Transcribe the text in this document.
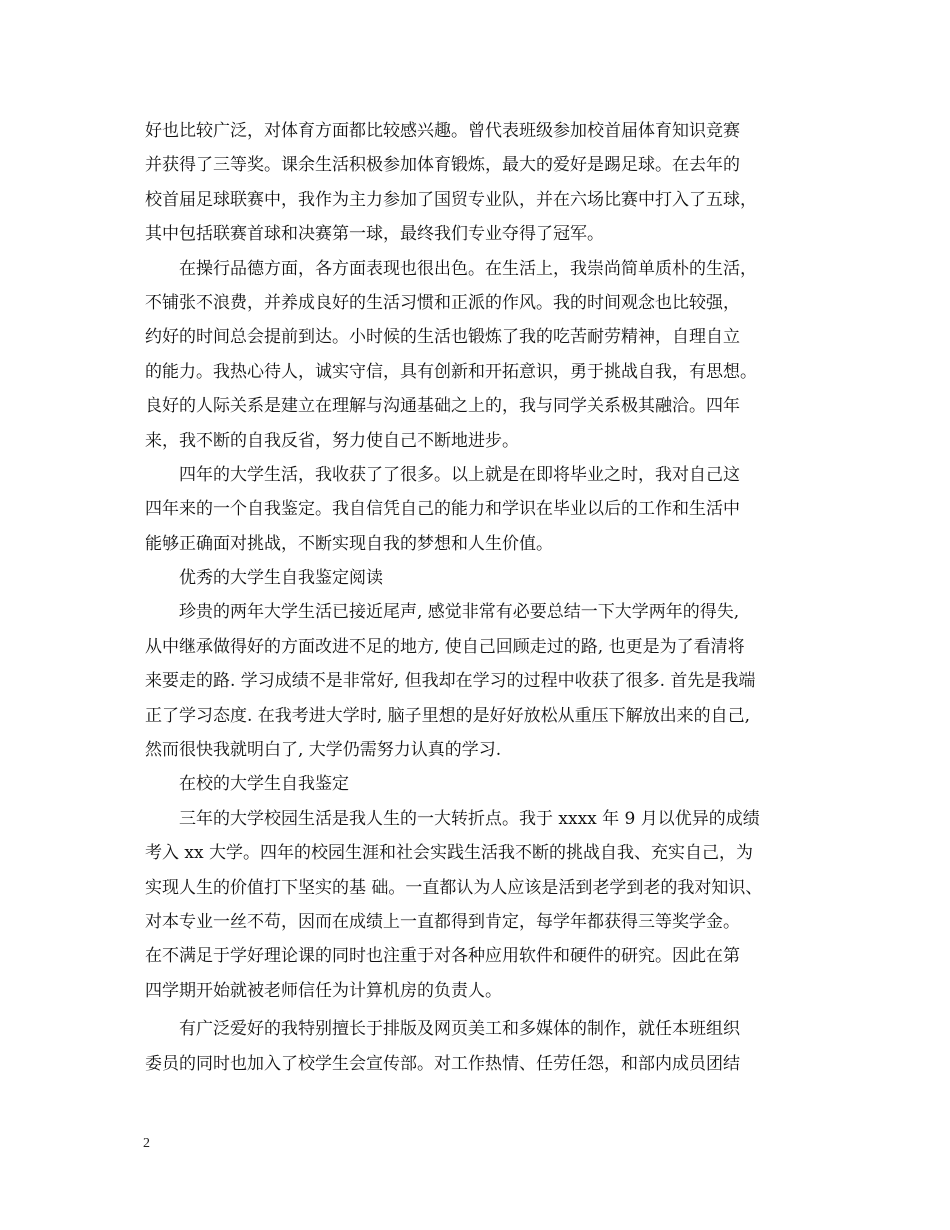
好也比较广泛，对体育方面都比较感兴趣。曾代表班级参加校首届体育知识竞赛
并获得了三等奖。课余生活积极参加体育锻炼，最大的爱好是踢足球。在去年的
校首届足球联赛中，我作为主力参加了国贸专业队，并在六场比赛中打入了五球，
其中包括联赛首球和决赛第一球，最终我们专业夺得了冠军。
在操行品德方面，各方面表现也很出色。在生活上，我崇尚简单质朴的生活，
不铺张不浪费，并养成良好的生活习惯和正派的作风。我的时间观念也比较强，
约好的时间总会提前到达。小时候的生活也锻炼了我的吃苦耐劳精神，自理自立
的能力。我热心待人，诚实守信，具有创新和开拓意识，勇于挑战自我，有思想。
良好的人际关系是建立在理解与沟通基础之上的，我与同学关系极其融洽。四年
来，我不断的自我反省，努力使自己不断地进步。
四年的大学生活，我收获了了很多。以上就是在即将毕业之时，我对自己这
四年来的一个自我鉴定。我自信凭自己的能力和学识在毕业以后的工作和生活中
能够正确面对挑战，不断实现自我的梦想和人生价值。
优秀的大学生自我鉴定阅读
珍贵的两年大学生活已接近尾声, 感觉非常有必要总结一下大学两年的得失,
从中继承做得好的方面改进不足的地方, 使自己回顾走过的路, 也更是为了看清将
来要走的路. 学习成绩不是非常好, 但我却在学习的过程中收获了很多. 首先是我端
正了学习态度. 在我考进大学时, 脑子里想的是好好放松从重压下解放出来的自己,
然而很快我就明白了, 大学仍需努力认真的学习.
在校的大学生自我鉴定
三年的大学校园生活是我人生的一大转折点。我于 xxxx 年 9 月以优异的成绩
考入 xx 大学。四年的校园生涯和社会实践生活我不断的挑战自我、充实自己，为
实现人生的价值打下坚实的基 础。一直都认为人应该是活到老学到老的我对知识、
对本专业一丝不苟，因而在成绩上一直都得到肯定，每学年都获得三等奖学金。
在不满足于学好理论课的同时也注重于对各种应用软件和硬件的研究。因此在第
四学期开始就被老师信任为计算机房的负责人。
有广泛爱好的我特别擅长于排版及网页美工和多媒体的制作，就任本班组织
委员的同时也加入了校学生会宣传部。对工作热情、任劳任怨，和部内成员团结
2
